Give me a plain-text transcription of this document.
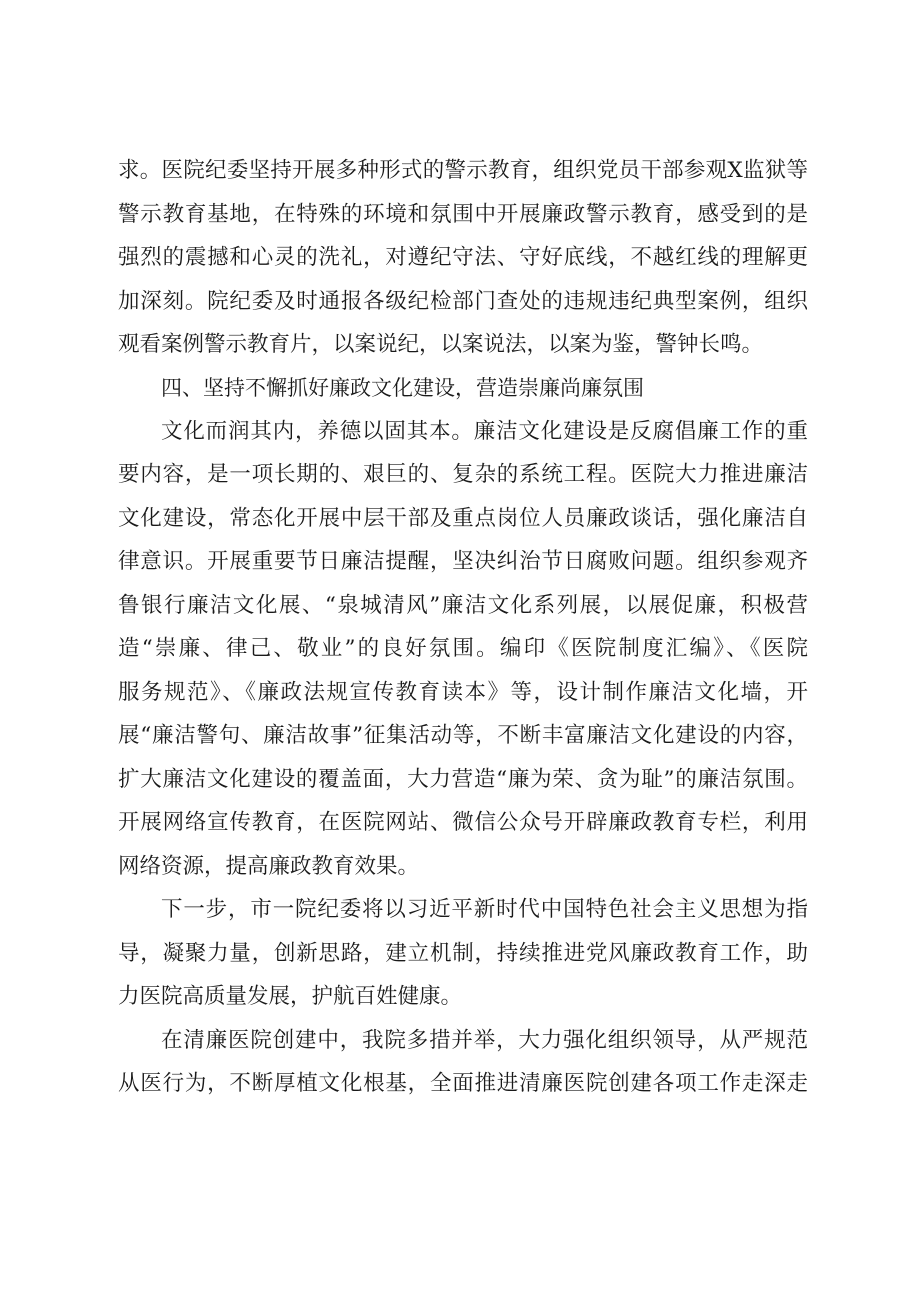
求。医院纪委坚持开展多种形式的警示教育，组织党员干部参观X监狱等
警示教育基地，在特殊的环境和氛围中开展廉政警示教育，感受到的是
强烈的震撼和心灵的洗礼，对遵纪守法、守好底线，不越红线的理解更
加深刻。院纪委及时通报各级纪检部门查处的违规违纪典型案例，组织
观看案例警示教育片，以案说纪，以案说法，以案为鉴，警钟长鸣。
四、坚持不懈抓好廉政文化建设，营造崇廉尚廉氛围
文化而润其内，养德以固其本。廉洁文化建设是反腐倡廉工作的重
要内容，是一项长期的、艰巨的、复杂的系统工程。医院大力推进廉洁
文化建设，常态化开展中层干部及重点岗位人员廉政谈话，强化廉洁自
律意识。开展重要节日廉洁提醒，坚决纠治节日腐败问题。组织参观齐
鲁银行廉洁文化展、“泉城清风”廉洁文化系列展，以展促廉，积极营
造“崇廉、律己、敬业”的良好氛围。编印《医院制度汇编》、《医院
服务规范》、《廉政法规宣传教育读本》等，设计制作廉洁文化墙，开
展“廉洁警句、廉洁故事”征集活动等，不断丰富廉洁文化建设的内容，
扩大廉洁文化建设的覆盖面，大力营造“廉为荣、贪为耻”的廉洁氛围。
开展网络宣传教育，在医院网站、微信公众号开辟廉政教育专栏，利用
网络资源，提高廉政教育效果。
下一步，市一院纪委将以习近平新时代中国特色社会主义思想为指
导，凝聚力量，创新思路，建立机制，持续推进党风廉政教育工作，助
力医院高质量发展，护航百姓健康。
在清廉医院创建中，我院多措并举，大力强化组织领导，从严规范
从医行为，不断厚植文化根基，全面推进清廉医院创建各项工作走深走
